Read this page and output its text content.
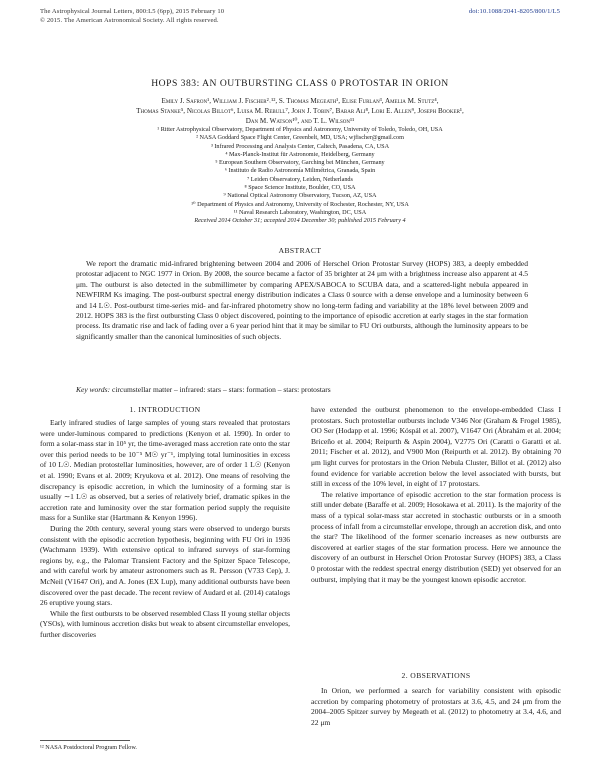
The Astrophysical Journal Letters, 800:L5 (6pp), 2015 February 10
© 2015. The American Astronomical Society. All rights reserved.
doi:10.1088/2041-8205/800/1/L5
HOPS 383: AN OUTBURSTING CLASS 0 PROTOSTAR IN ORION
Emily J. Safron¹, William J. Fischer²˒¹², S. Thomas Megeath¹, Elise Furlan³, Amelia M. Stutz⁴,
Thomas Stanke⁵, Nicolas Billot⁶, Luisa M. Rebull⁷, John J. Tobin⁷, Babar Ali⁸, Lori E. Allen⁹, Joseph Booker¹,
Dan M. Watson¹⁰, and T. L. Wilson¹¹
¹ Ritter Astrophysical Observatory, Department of Physics and Astronomy, University of Toledo, Toledo, OH, USA
² NASA Goddard Space Flight Center, Greenbelt, MD, USA; wjfischer@gmail.com
³ Infrared Processing and Analysis Center, Caltech, Pasadena, CA, USA
⁴ Max-Planck-Institut für Astronomie, Heidelberg, Germany
⁵ European Southern Observatory, Garching bei München, Germany
⁶ Instituto de Radio Astronomía Milimétrica, Granada, Spain
⁷ Leiden Observatory, Leiden, Netherlands
⁸ Space Science Institute, Boulder, CO, USA
⁹ National Optical Astronomy Observatory, Tucson, AZ, USA
¹⁰ Department of Physics and Astronomy, University of Rochester, Rochester, NY, USA
¹¹ Naval Research Laboratory, Washington, DC, USA
Received 2014 October 31; accepted 2014 December 30; published 2015 February 4
ABSTRACT
We report the dramatic mid-infrared brightening between 2004 and 2006 of Herschel Orion Protostar Survey (HOPS) 383, a deeply embedded protostar adjacent to NGC 1977 in Orion. By 2008, the source became a factor of 35 brighter at 24 μm with a brightness increase also apparent at 4.5 μm. The outburst is also detected in the submillimeter by comparing APEX/SABOCA to SCUBA data, and a scattered-light nebula appeared in NEWFIRM Ks imaging. The post-outburst spectral energy distribution indicates a Class 0 source with a dense envelope and a luminosity between 6 and 14 L☉. Post-outburst time-series mid- and far-infrared photometry show no long-term fading and variability at the 18% level between 2009 and 2012. HOPS 383 is the first outbursting Class 0 object discovered, pointing to the importance of episodic accretion at early stages in the star formation process. Its dramatic rise and lack of fading over a 6 year period hint that it may be similar to FU Ori outbursts, although the luminosity appears to be significantly smaller than the canonical luminosities of such objects.
Key words: circumstellar matter – infrared: stars – stars: formation – stars: protostars
1. INTRODUCTION

Early infrared studies of large samples of young stars revealed that protostars were under-luminous compared to predictions (Kenyon et al. 1990). In order to form a solar-mass star in 10⁵ yr, the time-averaged mass accretion rate onto the star over this period needs to be 10⁻⁵ M☉ yr⁻¹, implying total luminosities in excess of 10 L☉. Median protostellar luminosities, however, are of order 1 L☉ (Kenyon et al. 1990; Evans et al. 2009; Kryukova et al. 2012). One means of resolving the discrepancy is episodic accretion, in which the luminosity of a forming star is usually ∼1 L☉ as observed, but a series of relatively brief, dramatic spikes in the accretion rate and luminosity over the star formation period supply the requisite mass for a Sunlike star (Hartmann & Kenyon 1996).

During the 20th century, several young stars were observed to undergo bursts consistent with the episodic accretion hypothesis, beginning with FU Ori in 1936 (Wachmann 1939). With extensive optical to infrared surveys of star-forming regions by, e.g., the Palomar Transient Factory and the Spitzer Space Telescope, and with careful work by amateur astronomers such as R. Persson (V733 Cep), J. McNeil (V1647 Ori), and A. Jones (EX Lup), many additional outbursts have been discovered over the past decade. The recent review of Audard et al. (2014) catalogs 26 eruptive young stars.

While the first outbursts to be observed resembled Class II young stellar objects (YSOs), with luminous accretion disks but weak to absent circumstellar envelopes, further discoveries

have extended the outburst phenomenon to the envelope-embedded Class I protostars. Such protostellar outbursts include V346 Nor (Graham & Frogel 1985), OO Ser (Hodapp et al. 1996; Kóspál et al. 2007), V1647 Ori (Ábrahám et al. 2004; Briceño et al. 2004; Reipurth & Aspin 2004), V2775 Ori (Caratti o Garatti et al. 2011; Fischer et al. 2012), and V900 Mon (Reipurth et al. 2012). By obtaining 70 μm light curves for protostars in the Orion Nebula Cluster, Billot et al. (2012) also found evidence for variable accretion below the level associated with bursts, but still in excess of the 10% level, in eight of 17 protostars.

The relative importance of episodic accretion to the star formation process is still under debate (Baraffe et al. 2009; Hosokawa et al. 2011). Is the majority of the mass of a typical solar-mass star accreted in stochastic outbursts or in a smooth process of infall from a circumstellar envelope, through an accretion disk, and onto the star? The likelihood of the former scenario increases as new outbursts are discovered at earlier stages of the star formation process. Here we announce the discovery of an outburst in Herschel Orion Protostar Survey (HOPS) 383, a Class 0 protostar with the reddest spectral energy distribution (SED) yet observed for an outburst, implying that it may be the youngest known episodic accretor.

2. OBSERVATIONS

In Orion, we performed a search for variability consistent with episodic accretion by comparing photometry of protostars at 3.6, 4.5, and 24 μm from the 2004–2005 Spitzer survey by Megeath et al. (2012) to photometry at 3.4, 4.6, and 22 μm

¹² NASA Postdoctoral Program Fellow.
